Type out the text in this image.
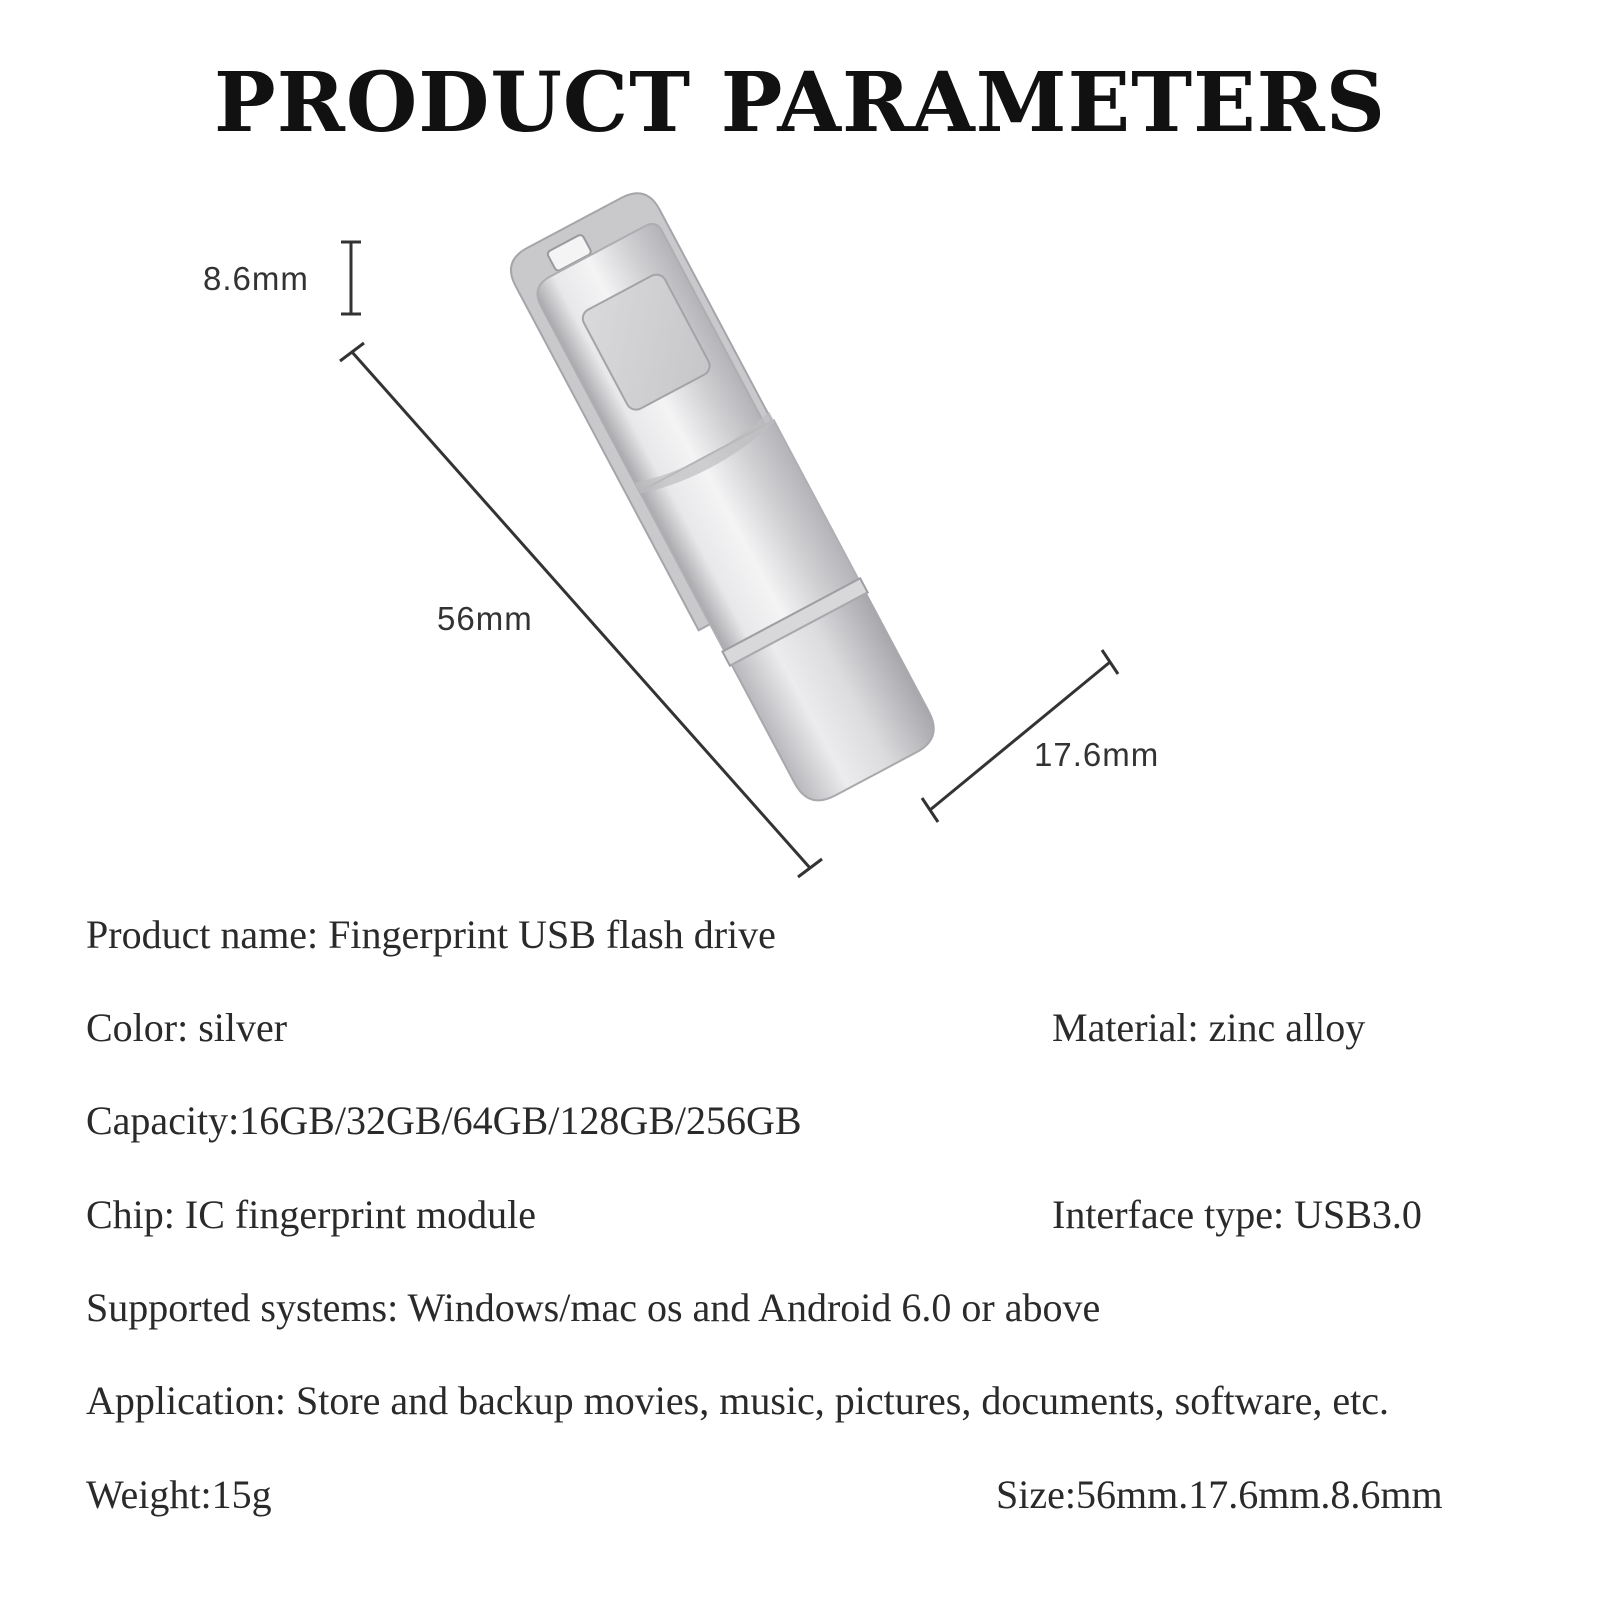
PRODUCT PARAMETERS
8.6mm
56mm
17.6mm
Product name: Fingerprint USB flash drive
Color: silver	Material: zinc alloy
Capacity:16GB/32GB/64GB/128GB/256GB
Chip: IC fingerprint module	Interface type: USB3.0
Supported systems: Windows/mac os and Android 6.0 or above
Application: Store and backup movies, music, pictures, documents, software, etc.
Weight:15g	Size:56mm.17.6mm.8.6mm
